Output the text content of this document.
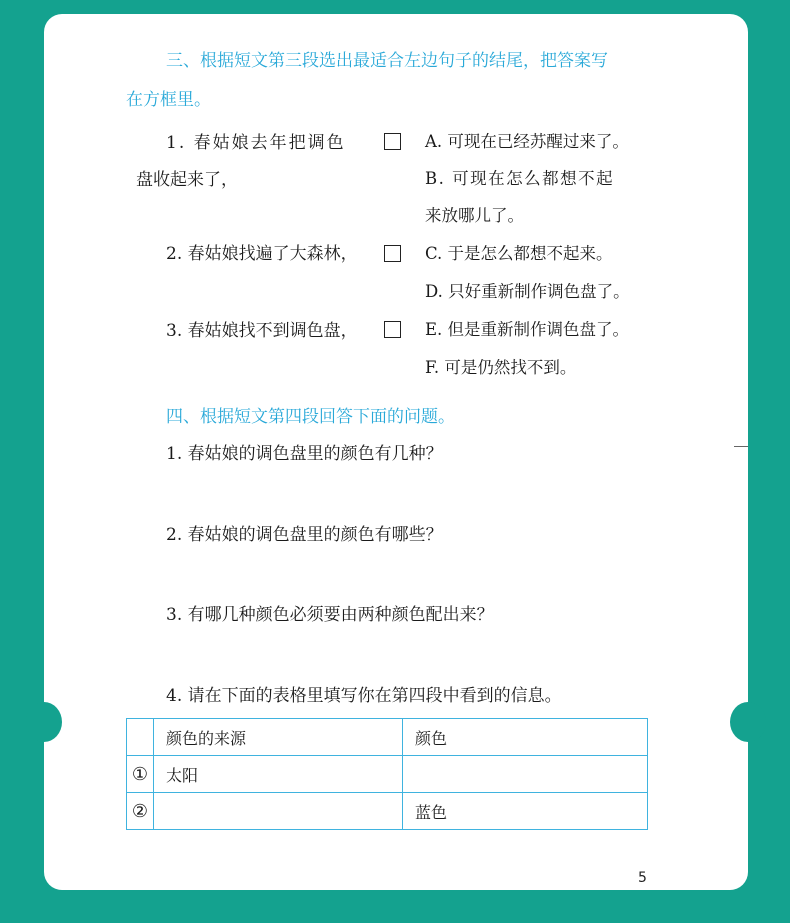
三、根据短文第三段选出最适合左边句子的结尾，把答案写
在方框里。
1. 春姑娘去年把调色
盘收起来了，
2. 春姑娘找遍了大森林，
3. 春姑娘找不到调色盘，
A. 可现在已经苏醒过来了。
B. 可现在怎么都想不起
来放哪儿了。
C. 于是怎么都想不起来。
D. 只好重新制作调色盘了。
E. 但是重新制作调色盘了。
F. 可是仍然找不到。
四、根据短文第四段回答下面的问题。
1. 春姑娘的调色盘里的颜色有几种？
2. 春姑娘的调色盘里的颜色有哪些？
3. 有哪几种颜色必须要由两种颜色配出来？
4. 请在下面的表格里填写你在第四段中看到的信息。
	颜色的来源	颜色
①	太阳	
②		蓝色
5
